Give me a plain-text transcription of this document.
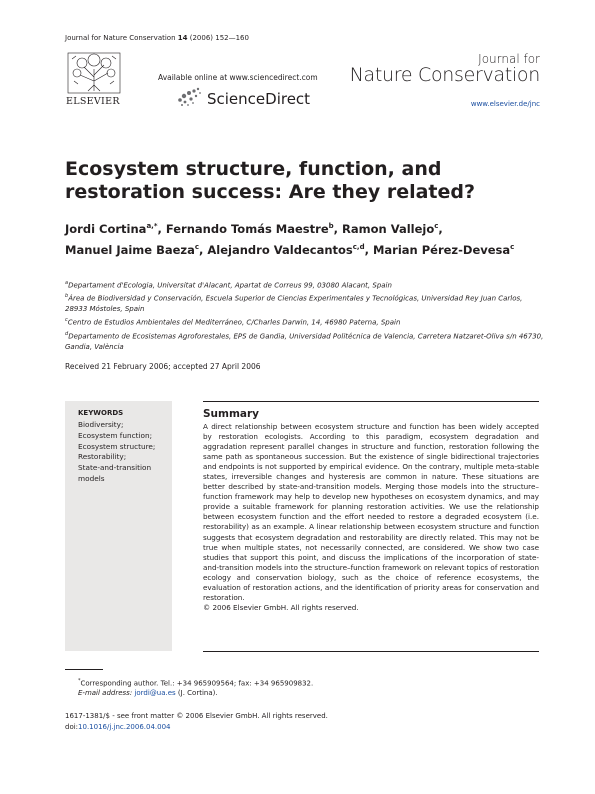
Journal for Nature Conservation 14 (2006) 152—160
ELSEVIER
Available online at www.sciencedirect.com
ScienceDirect
Journal for
Nature Conservation
www.elsevier.de/jnc
Ecosystem structure, function, and restoration success: Are they related?
Jordi Cortina$^{a,*}$, Fernando Tomás Maestre$^b$, Ramon Vallejo$^c$,
Manuel Jaime Baeza$^c$, Alejandro Valdecantos$^{c,d}$, Marian Pérez-Devesa$^c$
$^a$Departament d'Ecologia, Universitat d'Alacant, Apartat de Correus 99, 03080 Alacant, Spain
$^b$Área de Biodiversidad y Conservación, Escuela Superior de Ciencias Experimentales y Tecnológicas, Universidad Rey Juan Carlos, 28933 Móstoles, Spain
$^c$Centro de Estudios Ambientales del Mediterráneo, C/Charles Darwin, 14, 46980 Paterna, Spain
$^d$Departamento de Ecosistemas Agroforestales, EPS de Gandia, Universidad Politécnica de Valencia, Carretera Natzaret-Oliva s/n 46730, Gandia, València
Received 21 February 2006; accepted 27 April 2006
KEYWORDS
Biodiversity;
Ecosystem function;
Ecosystem structure;
Restorability;
State-and-transition
models
Summary

A direct relationship between ecosystem structure and function has been widely accepted by restoration ecologists. According to this paradigm, ecosystem degradation and aggradation represent parallel changes in structure and function, restoration following the same path as spontaneous succession. But the existence of single bidirectional trajectories and endpoints is not supported by empirical evidence. On the contrary, multiple meta-stable states, irreversible changes and hysteresis are common in nature. These situations are better described by state-and-transition models. Merging those models into the structure–function framework may help to develop new hypotheses on ecosystem dynamics, and may provide a suitable framework for planning restoration activities. We use the relationship between ecosystem function and the effort needed to restore a degraded ecosystem (i.e. restorability) as an example. A linear relationship between ecosystem structure and function suggests that ecosystem degradation and restorability are directly related. This may not be true when multiple states, not necessarily connected, are considered. We show two case studies that support this point, and discuss the implications of the incorporation of state-and-transition models into the structure–function framework on relevant topics of restoration ecology and conservation biology, such as the choice of reference ecosystems, the evaluation of restoration actions, and the identification of priority areas for conservation and restoration.

© 2006 Elsevier GmbH. All rights reserved.

*Corresponding author. Tel.: +34 965909564; fax: +34 965909832.
E-mail address: jordi@ua.es (J. Cortina).
1617-1381/$ - see front matter © 2006 Elsevier GmbH. All rights reserved.
doi:10.1016/j.jnc.2006.04.004
